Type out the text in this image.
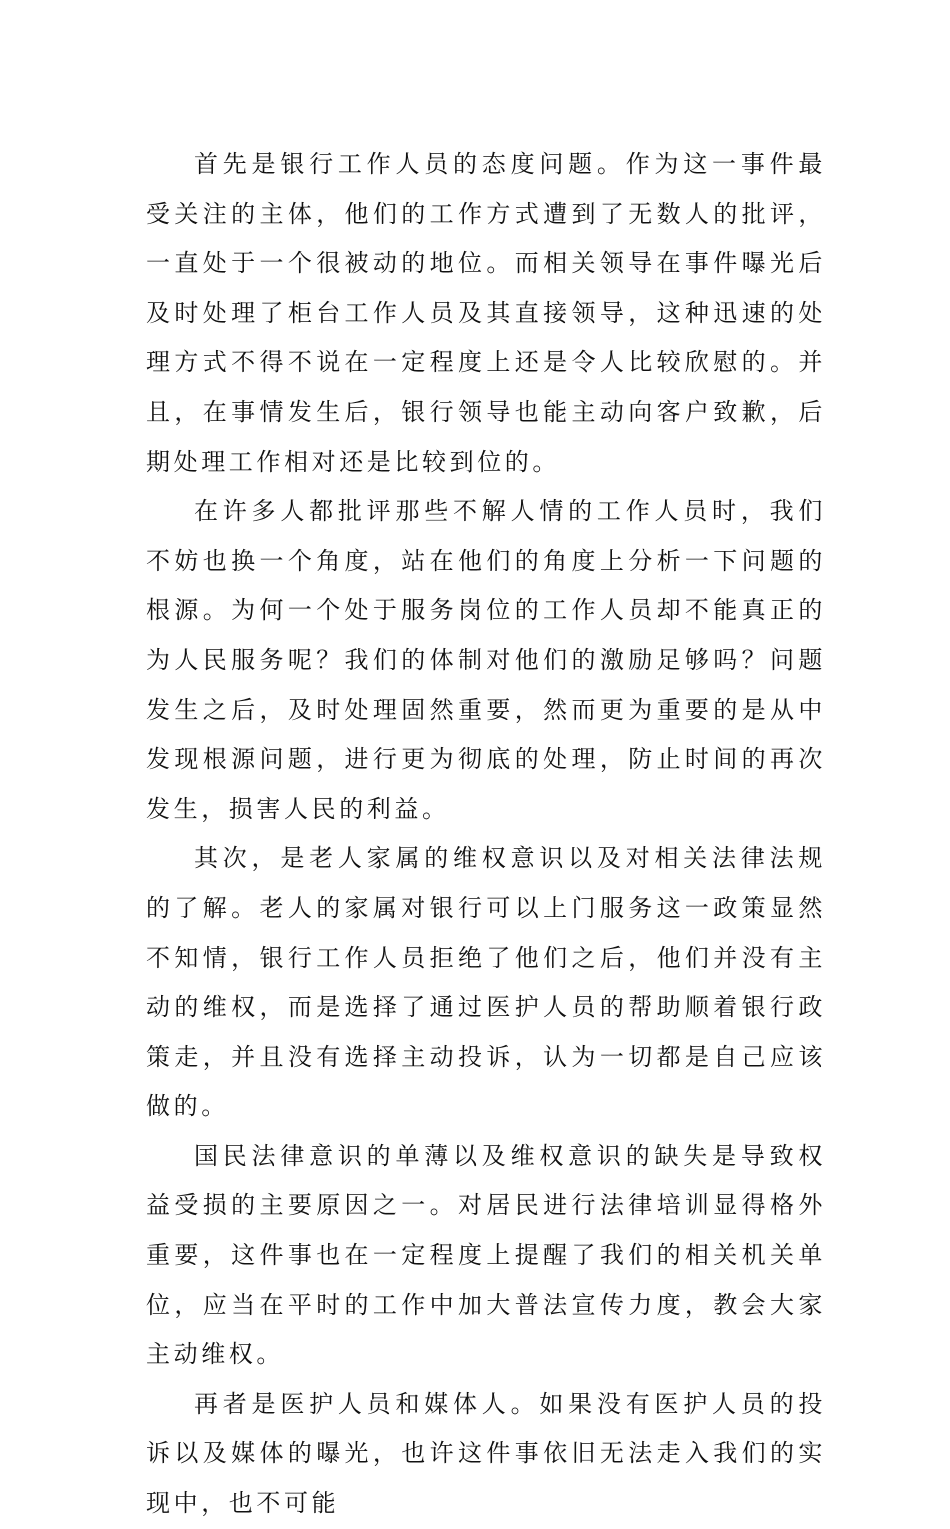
首先是银行工作人员的态度问题。作为这一事件最受关注的主体，他们的工作方式遭到了无数人的批评，一直处于一个很被动的地位。而相关领导在事件曝光后及时处理了柜台工作人员及其直接领导，这种迅速的处理方式不得不说在一定程度上还是令人比较欣慰的。并且，在事情发生后，银行领导也能主动向客户致歉，后期处理工作相对还是比较到位的。

在许多人都批评那些不解人情的工作人员时，我们不妨也换一个角度，站在他们的角度上分析一下问题的根源。为何一个处于服务岗位的工作人员却不能真正的为人民服务呢？我们的体制对他们的激励足够吗？问题发生之后，及时处理固然重要，然而更为重要的是从中发现根源问题，进行更为彻底的处理，防止时间的再次发生，损害人民的利益。

其次，是老人家属的维权意识以及对相关法律法规的了解。老人的家属对银行可以上门服务这一政策显然不知情，银行工作人员拒绝了他们之后，他们并没有主动的维权，而是选择了通过医护人员的帮助顺着银行政策走，并且没有选择主动投诉，认为一切都是自己应该做的。

国民法律意识的单薄以及维权意识的缺失是导致权益受损的主要原因之一。对居民进行法律培训显得格外重要，这件事也在一定程度上提醒了我们的相关机关单位，应当在平时的工作中加大普法宣传力度，教会大家主动维权。

再者是医护人员和媒体人。如果没有医护人员的投诉以及媒体的曝光，也许这件事依旧无法走入我们的实现中，也不可能
